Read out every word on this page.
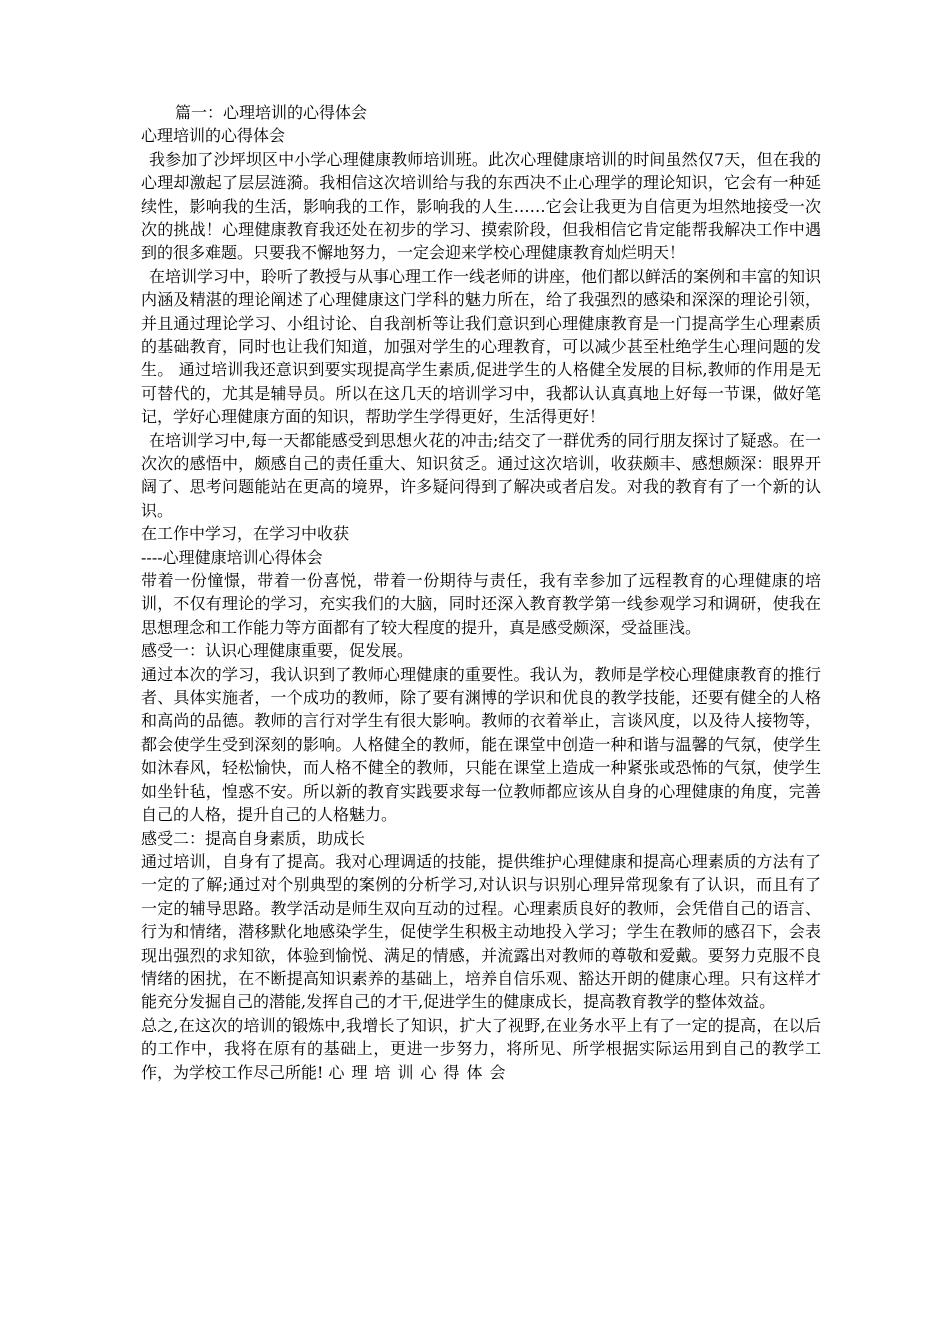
篇一：心理培训的心得体会
心理培训的心得体会

我参加了沙坪坝区中小学心理健康教师培训班。此次心理健康培训的时间虽然仅7天，但在我的心理却激起了层层涟漪。我相信这次培训给与我的东西决不止心理学的理论知识，它会有一种延续性，影响我的生活，影响我的工作，影响我的人生……它会让我更为自信更为坦然地接受一次次的挑战！心理健康教育我还处在初步的学习、摸索阶段，但我相信它肯定能帮我解决工作中遇到的很多难题。只要我不懈地努力，一定会迎来学校心理健康教育灿烂明天！

在培训学习中，聆听了教授与从事心理工作一线老师的讲座，他们都以鲜活的案例和丰富的知识内涵及精湛的理论阐述了心理健康这门学科的魅力所在，给了我强烈的感染和深深的理论引领，并且通过理论学习、小组讨论、自我剖析等让我们意识到心理健康教育是一门提高学生心理素质的基础教育，同时也让我们知道，加强对学生的心理教育，可以减少甚至杜绝学生心理问题的发生。 通过培训我还意识到要实现提高学生素质,促进学生的人格健全发展的目标,教师的作用是无可替代的，尤其是辅导员。所以在这几天的培训学习中，我都认认真真地上好每一节课，做好笔记，学好心理健康方面的知识，帮助学生学得更好，生活得更好！

在培训学习中,每一天都能感受到思想火花的冲击;结交了一群优秀的同行朋友探讨了疑惑。在一次次的感悟中，颇感自己的责任重大、知识贫乏。通过这次培训，收获颇丰、感想颇深：眼界开阔了、思考问题能站在更高的境界，许多疑问得到了解决或者启发。对我的教育有了一个新的认识。

在工作中学习，在学习中收获
----心理健康培训心得体会

带着一份憧憬，带着一份喜悦，带着一份期待与责任，我有幸参加了远程教育的心理健康的培训，不仅有理论的学习，充实我们的大脑，同时还深入教育教学第一线参观学习和调研，使我在思想理念和工作能力等方面都有了较大程度的提升，真是感受颇深，受益匪浅。

感受一：认识心理健康重要，促发展。

通过本次的学习，我认识到了教师心理健康的重要性。我认为，教师是学校心理健康教育的推行者、具体实施者，一个成功的教师，除了要有渊博的学识和优良的教学技能，还要有健全的人格和高尚的品德。教师的言行对学生有很大影响。教师的衣着举止，言谈风度，以及待人接物等，都会使学生受到深刻的影响。人格健全的教师，能在课堂中创造一种和谐与温馨的气氛，使学生如沐春风，轻松愉快，而人格不健全的教师，只能在课堂上造成一种紧张或恐怖的气氛，使学生如坐针毡，惶惑不安。所以新的教育实践要求每一位教师都应该从自身的心理健康的角度，完善自己的人格，提升自己的人格魅力。

感受二：提高自身素质，助成长

通过培训，自身有了提高。我对心理调适的技能，提供维护心理健康和提高心理素质的方法有了一定的了解;通过对个别典型的案例的分析学习,对认识与识别心理异常现象有了认识，而且有了一定的辅导思路。教学活动是师生双向互动的过程。心理素质良好的教师，会凭借自己的语言、行为和情绪，潜移默化地感染学生，促使学生积极主动地投入学习；学生在教师的感召下，会表现出强烈的求知欲，体验到愉悦、满足的情感，并流露出对教师的尊敬和爱戴。要努力克服不良情绪的困扰，在不断提高知识素养的基础上，培养自信乐观、豁达开朗的健康心理。只有这样才能充分发掘自己的潜能,发挥自己的才干,促进学生的健康成长，提高教育教学的整体效益。

总之,在这次的培训的锻炼中,我增长了知识，扩大了视野,在业务水平上有了一定的提高，在以后的工作中，我将在原有的基础上，更进一步努力，将所见、所学根据实际运用到自己的教学工作，为学校工作尽己所能! 心理培训心得体会
